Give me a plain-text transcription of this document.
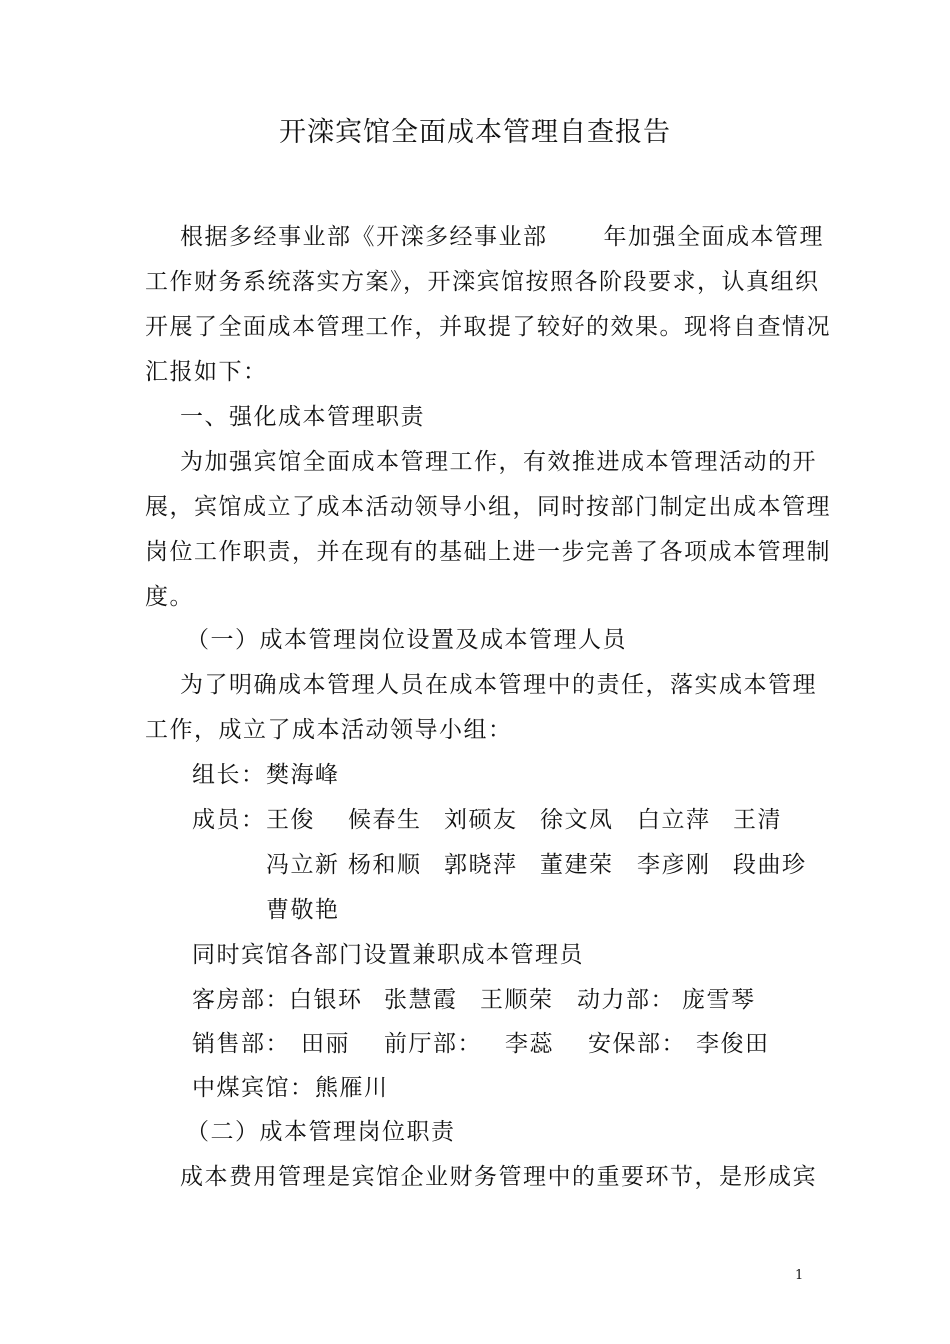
开滦宾馆全面成本管理自查报告
根据多经事业部《开滦多经事业部 年加强全面成本管理
工作财务系统落实方案》，开滦宾馆按照各阶段要求，认真组织
开展了全面成本管理工作，并取提了较好的效果。现将自查情况
汇报如下：
一、强化成本管理职责
为加强宾馆全面成本管理工作，有效推进成本管理活动的开
展，宾馆成立了成本活动领导小组，同时按部门制定出成本管理
岗位工作职责，并在现有的基础上进一步完善了各项成本管理制
度。
（一）成本管理岗位设置及成本管理人员
为了明确成本管理人员在成本管理中的责任，落实成本管理
工作，成立了成本活动领导小组：
组长： 樊海峰
成员： 王俊 候春生 刘硕友 徐文凤 白立萍 王清
冯立新 杨和顺 郭晓萍 董建荣 李彦刚 段曲珍
曹敬艳
同时宾馆各部门设置兼职成本管理员
客房部： 白银环 张慧霞 王顺荣 动力部： 庞雪琴
销售部： 田丽 前厅部： 李蕊 安保部： 李俊田
中煤宾馆： 熊雁川
（二）成本管理岗位职责
成本费用管理是宾馆企业财务管理中的重要环节，是形成宾
1
